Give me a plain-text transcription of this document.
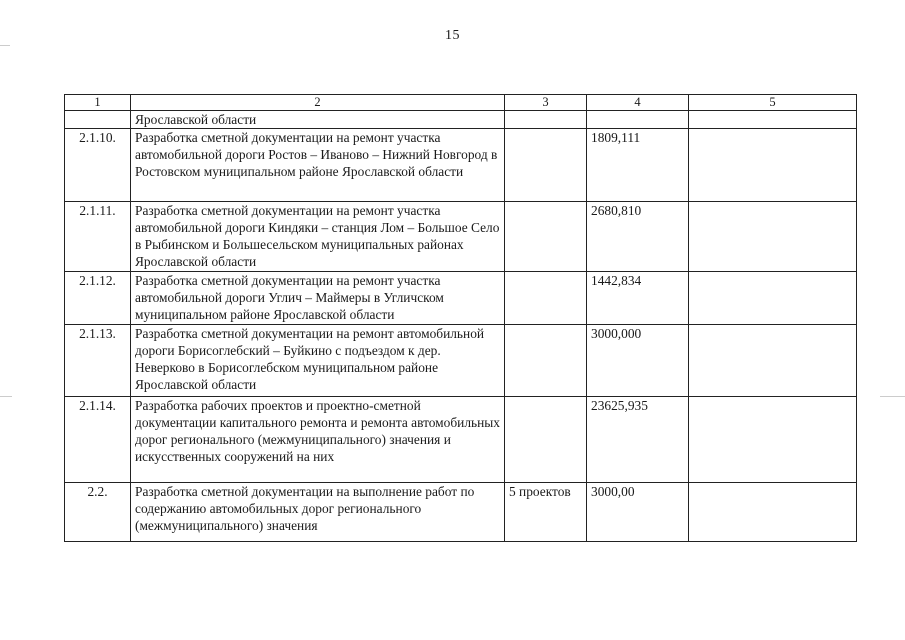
15
1	2	3	4	5
	Ярославской области			
2.1.10.	Разработка сметной документации на ремонт участка автомобильной дороги Ростов – Иваново – Нижний Новгород в Ростовском муниципальном районе Ярославской области		1809,111	
2.1.11.	Разработка сметной документации на ремонт участка автомобильной дороги Киндяки – станция Лом – Большое Село в Рыбинском и Большесельском муниципальных районах Ярославской области		2680,810	
2.1.12.	Разработка сметной документации на ремонт участка автомобильной дороги Углич – Маймеры в Угличском муниципальном районе Ярославской области		1442,834	
2.1.13.	Разработка сметной документации на ремонт автомобильной дороги Борисоглебский – Буйкино с подъездом к дер. Неверково в Борисоглебском муниципальном районе Ярославской области		3000,000	
2.1.14.	Разработка рабочих проектов и проектно-сметной документации капитального ремонта и ремонта автомобильных дорог регионального (межмуниципального) значения и искусственных сооружений на них		23625,935	
2.2.	Разработка сметной документации на выполнение работ по содержанию автомобильных дорог регионального (межмуниципального) значения	5 проектов	3000,00	
